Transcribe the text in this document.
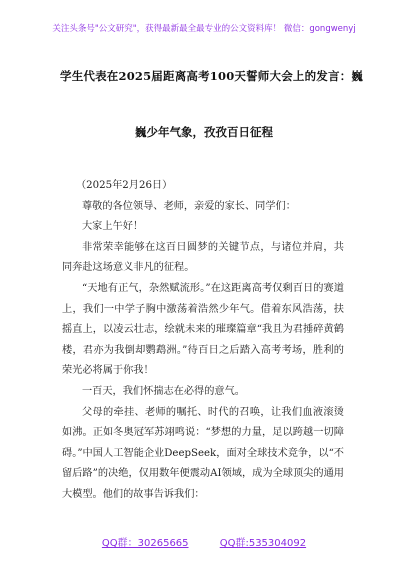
关注头条号"公文研究"，获得最新最全最专业的公文资料库！ 微信：gongwenyj
学生代表在2025届距离高考100天誓师大会上的发言：巍
巍少年气象，孜孜百日征程

（2025年2月26日）

尊敬的各位领导、老师，亲爱的家长、同学们：

大家上午好！

非常荣幸能够在这百日圆梦的关键节点，与诸位并肩，共同奔赴这场意义非凡的征程。

“天地有正气，杂然赋流形。”在这距离高考仅剩百日的赛道上，我们一中学子胸中激荡着浩然少年气。借着东风浩荡，扶摇直上，以凌云壮志，绘就未来的璀璨篇章“我且为君捶碎黄鹤楼，君亦为我倒却鹦鹉洲。”待百日之后踏入高考考场，胜利的荣光必将属于你我！

一百天，我们怀揣志在必得的意气。

父母的牵挂、老师的嘱托、时代的召唤，让我们血液滚烫如沸。正如冬奥冠军苏翊鸣说：“梦想的力量，足以跨越一切障碍。”中国人工智能企业DeepSeek，面对全球技术竞争，以“不留后路”的决绝，仅用数年便震动AI领域，成为全球顶尖的通用大模型。他们的故事告诉我们：

QQ群：30265665	QQ群:535304092
